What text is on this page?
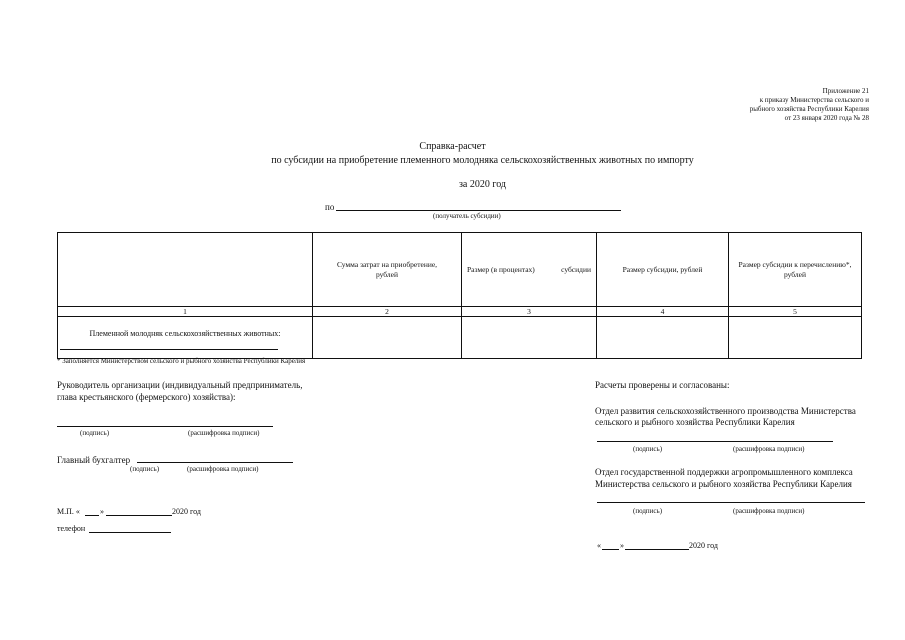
Приложение 21
к приказу Министерства сельского и
рыбного хозяйства Республики Карелия
от 23 января 2020 года № 28
Справка-расчет
по субсидии на приобретение племенного молодняка сельскохозяйственных животных по импорту
за 2020 год
по
(получатель субсидии)
	Сумма затрат на приобретение, рублей	Размер (в процентах) субсидии	Размер субсидии, рублей	Размер субсидии к перечислению*, рублей
1	2	3	4	5

Племенной молодняк сельскохозяйственных животных:				

* Заполняется Министерством сельского и рыбного хозяйства Республики Карелия
Руководитель организации (индивидуальный предприниматель,
глава крестьянского (фермерского) хозяйства):
(подпись)	(расшифровка подписи)
Главный бухгалтер
(подпись)	(расшифровка подписи)
М.П. «	»	2020 год
телефон
Расчеты проверены и согласованы:
Отдел развития сельскохозяйственного производства Министерства
сельского и рыбного хозяйства Республики Карелия
(подпись)	(расшифровка подписи)
Отдел государственной поддержки агропромышленного комплекса
Министерства сельского и рыбного хозяйства Республики Карелия
(подпись)	(расшифровка подписи)
« »	2020 год
